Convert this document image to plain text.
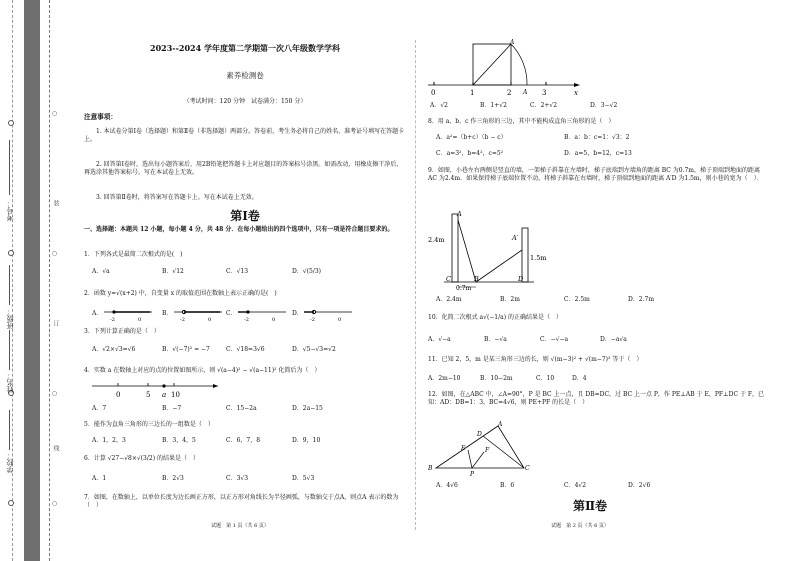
考号：
班级：
姓名：
学校：
○
装
○
订
○
线
○
2023--2024 学年度第二学期第一次八年级数学学科
素养检测卷
（考试时间：120 分钟　试卷满分：150 分）
注意事项：
1. 本试卷分第Ⅰ卷（选择题）和第Ⅱ卷（非选择题）两部分。答卷前，考生务必将自己的姓名、准考证号填写在答题卡上。
2. 回答第Ⅰ卷时，选出每小题答案后，用2B铅笔把答题卡上对应题目的答案标号涂黑。如需改动，用橡皮擦干净后，再选涂其他答案标号。写在本试卷上无效。
3. 回答第Ⅱ卷时，将答案写在答题卡上。写在本试卷上无效。
第Ⅰ卷
一、选择题：本题共 12 小题，每小题 4 分，共 48 分．在每小题给出的四个选项中，只有一项是符合题目要求的。
1．下列各式是最简二次根式的是(　)
A．√a	B．√12	C．√13	D．√(5/3)
2．函数 y=√(x+2) 中，自变量 x 的取值范围在数轴上表示正确的是(　)
A．	B．	C．	D．
-2	0	-2	0	-2	0	-2	0
3．下列计算正确的是（　）
A．√2×√3=√6	B．√(−7)² = −7	C．√18=3√6	D．√5−√3=√2
4．实数 a 在数轴上对应的点的位置如图所示，则 √(a−4)² − √(a−11)² 化简后为（　）
0	5 a 10
A．7	B．−7	C．15−2a	D．2a−15
5．能作为直角三角形的三边长的一组数是（　）
A．1，2，3	B．3，4，5	C．6，7，8	D．9，10
6．计算 √27−√8×√(3/2) 的结果是（　）
A．1	B．2√3	C．3√3	D．5√3
7．如图，在数轴上，以单位长度为边长画正方形，以正方形对角线长为半径画弧，与数轴交于点A，则点A 表示的数为（　）
试题　第 1 页（共 6 页）
0	1	2 A 3	x
A
A．√2	B．1+√2	C．2+√2	D．3−√2
8．用 a、b、c 作三角形的三边，其中不能构成直角三角形的是（　）
A．a²=（b+c）（b − c）	B．a：b：c=1：√3：2
C．a=3²，b=4²，c=5²	D．a=5，b=12，c=13
9．如图，小巷左右两侧是竖直的墙，一架梯子斜靠在左墙时，梯子底端到左墙角的距离 BC 为0.7m，梯子顶端到地面的距离 AC 为2.4m．如果保持梯子底端位置不动，将梯子斜靠在右墙时，梯子顶端到地面的距离 A′D 为1.5m，则小巷的宽为（　）．
A
2.4m	A′
1.5m
C	B	D
0.7m
A．2.4m	B．2m	C．2.5m	D．2.7m
10．化简二次根式 a√(−1/a) 的正确结果是（　）
A．√−a	B．−√a	C．−√−a	D．−a√a
11．已知 2，5，m 是某三角形三边的长，则 √(m−3)² + √(m−7)² 等于（　）
A．2m−10	B．10−2m	C．10	D．4
12．如图，在△ABC 中，∠A=90°，P 是 BC 上一点，且 DB=DC，过 BC 上一点 P，作 PE⊥AB 于 E，PF⊥DC 于 F，已知：AD：DB=1：3，BC=4√6，则 PE+PF 的长是（　）
A
D
E	F
B
P
C
A．4√6	B．6	C．4√2	D．2√6
第Ⅱ卷
试题　第 2 页（共 6 页）
